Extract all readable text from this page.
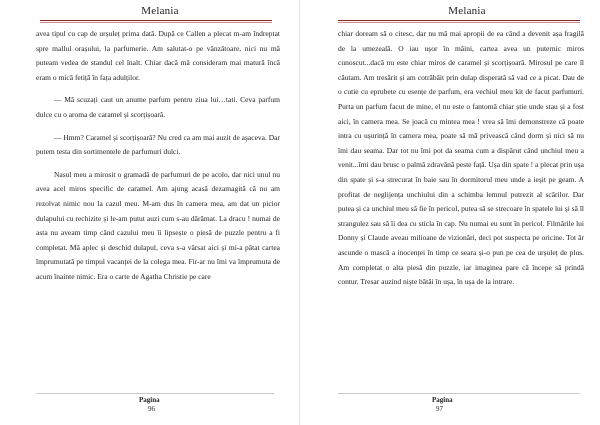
Melania

avea tipul cu cap de urșuleț prima dată. După ce Callen a plecat m-am îndreptat spre mallul orașului, la parfumerie. Am salutat-o pe vânzătoare, nici nu mă puteam vedea de standul cel înalt. Chiar dacă mă consideram mai matură încă eram o mică fetiță în fața adulților.

— Mă scuzați caut un anume parfum pentru ziua lui…tati. Ceva parfum dulce cu o aroma de caramel și scorțișoară.

— Hmm? Caramel și scorțișoară? Nu cred ca am mai auzit de așaceva. Dar putem testa din sortimentele de parfumuri dulci.

Nasul meu a mirosit o gramadă de parfumuri de pe acolo, dar nici unul nu avea acel miros specific de caramel. Am ajung acasă dezamagită că nu am rezolvat nimic nou la cazul meu. M-am dus în camera mea, am dat un picior dulapului cu rechizite și le-am putut auzi cum s-au dărămat. La dracu ! numai de asta nu aveam timp când cazului meu îi lipsește o piesă de puzzle pentru a fi completat. Mă aplec și deschid dulapul, ceva s-a vărsat aici și mi-a pătat cartea împrumutată pe timpul vacanței de la colega mea. Fir-ar nu îmi va împrumuta de acum înainte nimic. Era o carte de Agatha Christie pe care

Pagina
96
Melania

chiar doream să o citesc, dar nu mă mai apropii de ea când a devenit așa fragilă de la umezeală. O iau ușor în mâini, cartea avea un puternic miros cunoscut...dacă nu este chiar miros de caramel și scorțișoară. Mirosul pe care îl căutam. Am tresărit și am cotrăbăit prin dulap disperată să vad ce a picat. Dau de o cutie cu eprubete cu esențe de parfum, era vechiul meu kit de facut parfumuri. Purta un parfum facut de mine, el nu este o fantomă chiar știe unde stau și a fost aici, în camera mea. Se joacă cu mintea mea ! vrea să îmi demonstreze că poate intra cu ușurință în camera mea, poate să mă privească când dorm și nici să nu îmi dau seama. Dar tot nu îmi pot da seama cum a dispărut când unchiul meu a venit...îmi dau brusc o palmă zdravănă peste față. Ușa din spate ! a plecat prin ușa din spate și s-a strecurat în baie sau în dormitorul meu unde a ieșit pe geam. A profitat de neglijența unchiului din a schimba lemnul putrezit al scărilor. Dar putea și ca unchiul meu să fie în pericol, putea să se strecoare în spatele lui și să îl strangulez sau să îi dea cu sticla în cap. Nu numai eu sunt în pericol. Filmările lui Donny și Claude aveau milioane de vizionări, deci pot suspecta pe oricine. Tot ăr ascunde o mască a inocenței în timp ce seara și-o pun pe cea de urșuleț de plus. Am completat o alta piesă din puzzle, iar imaginea pare că începe să prindă contur. Tresar auzind niște bătăi în ușa, în ușa de la intrare.

Pagina
97
